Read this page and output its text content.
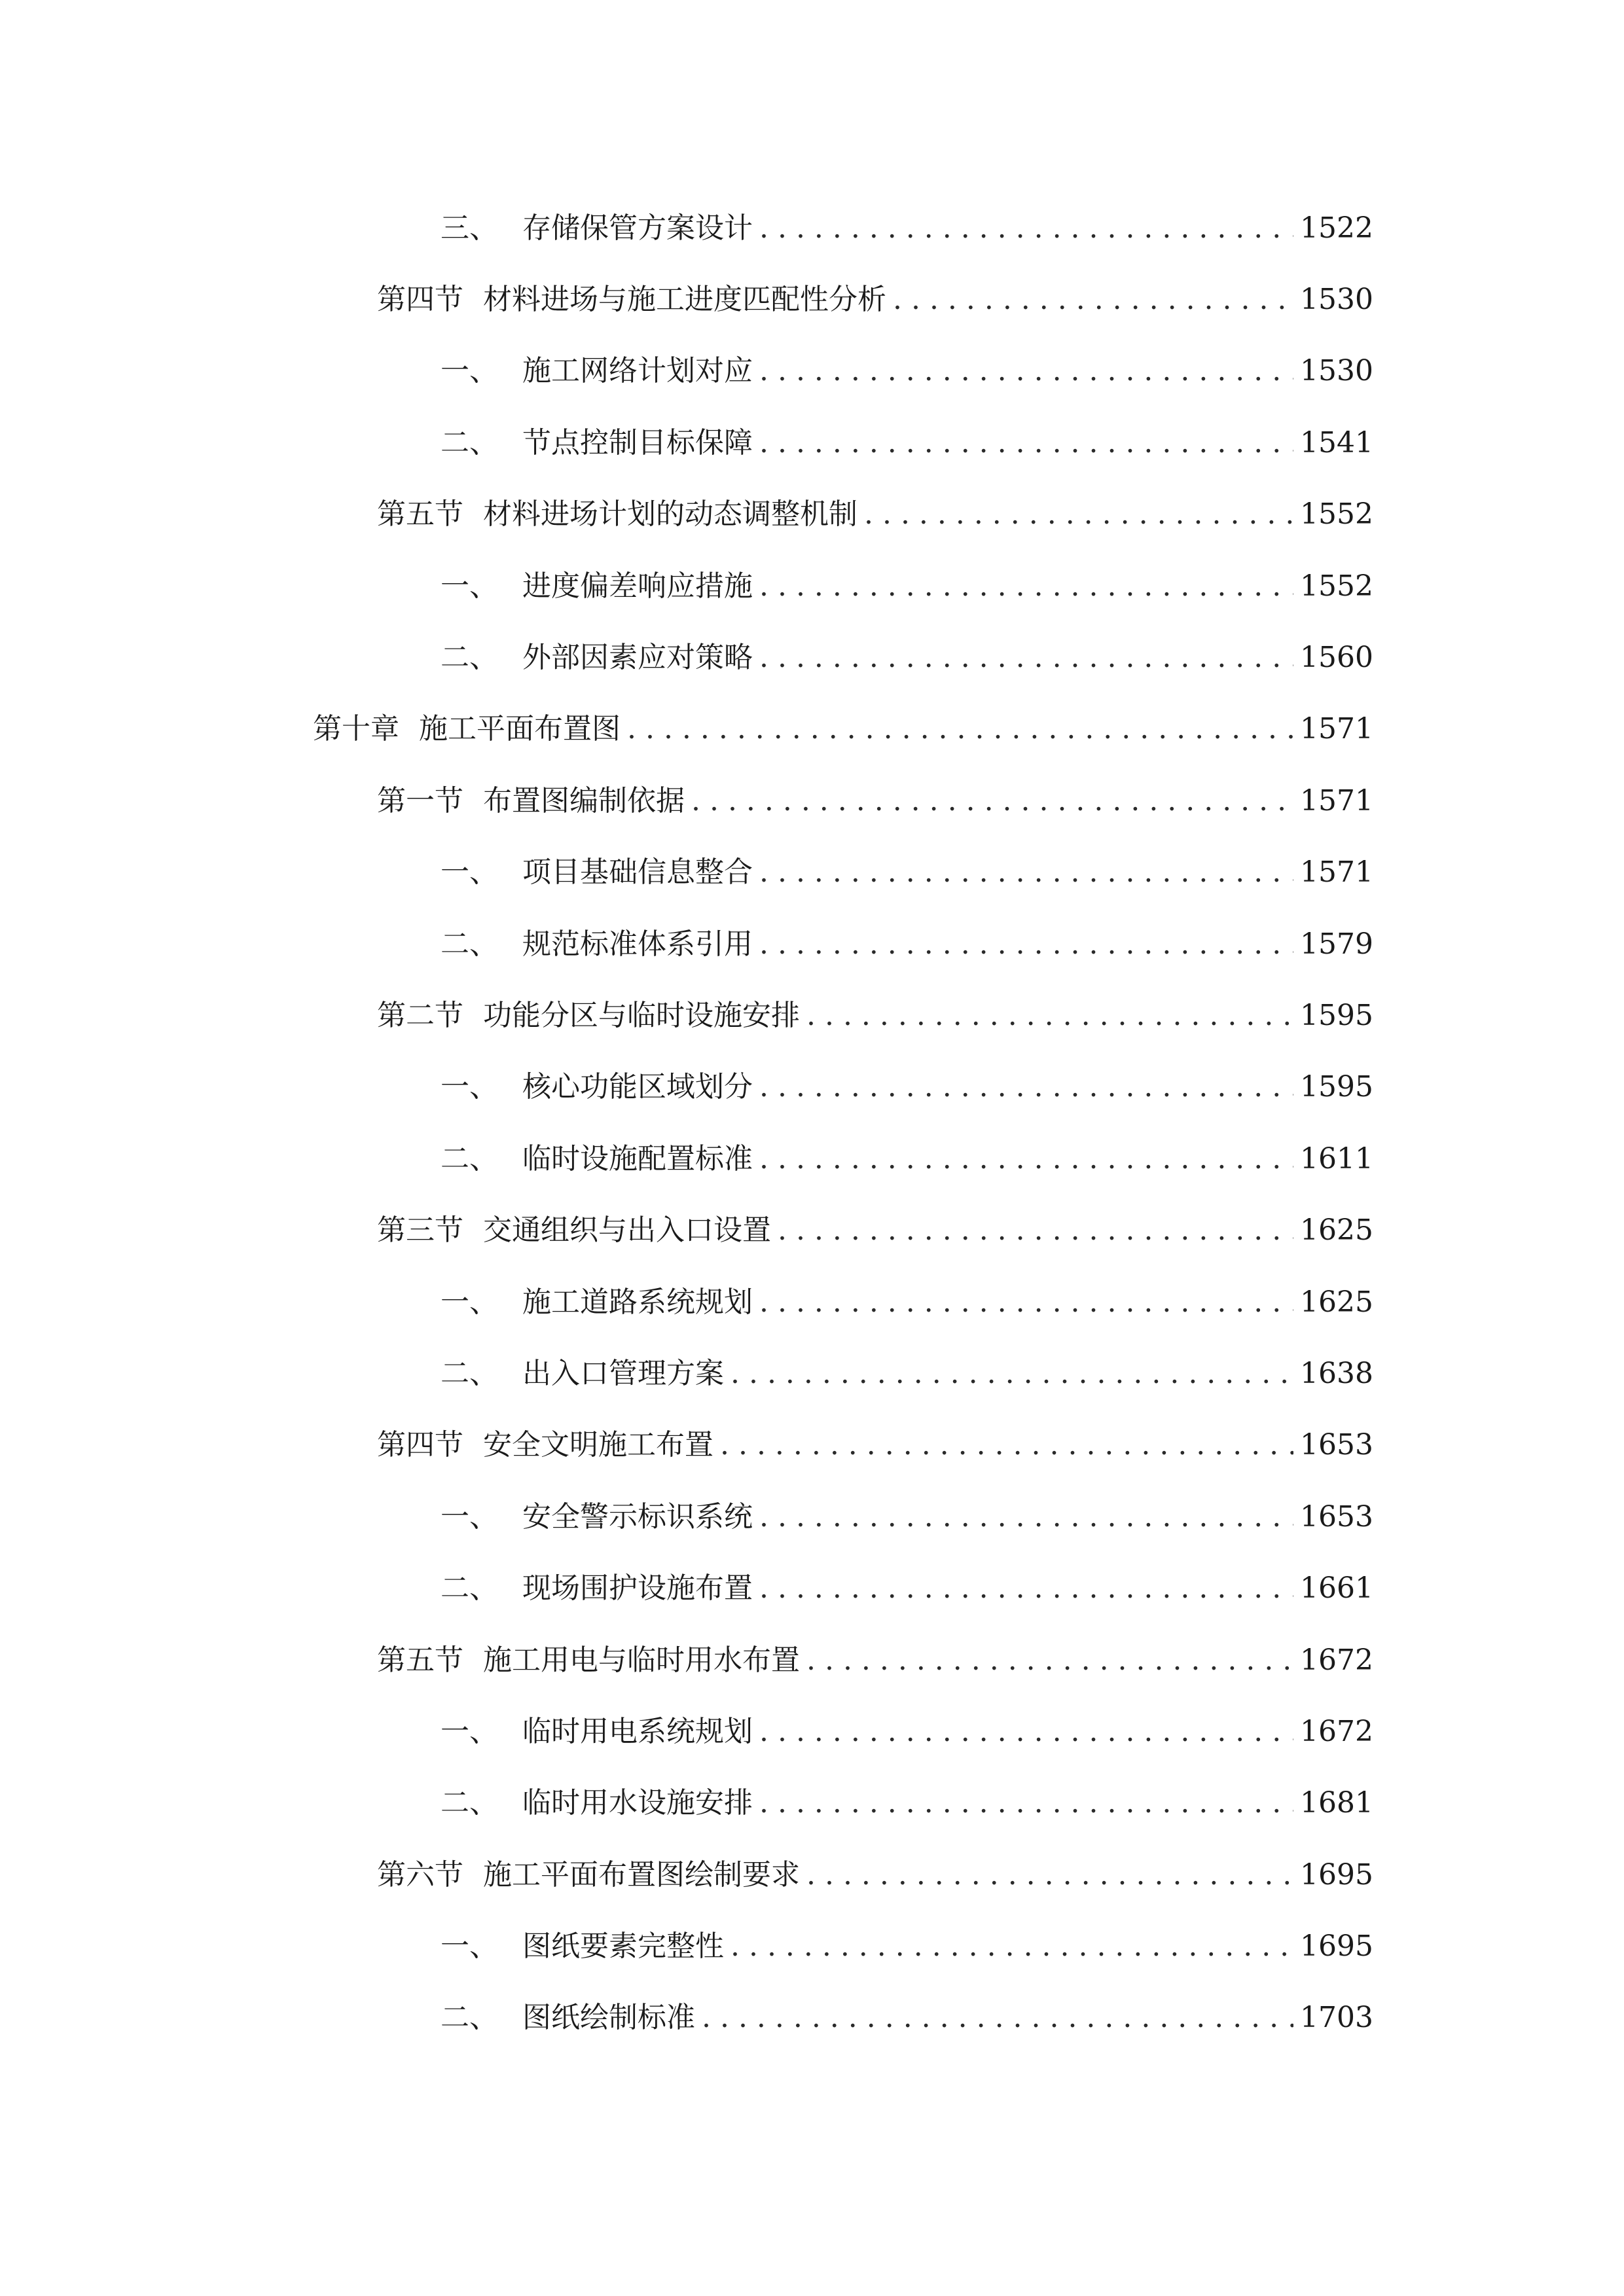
三、 存储保管方案设计 . . .	1522
第四节 材料进场与施工进度匹配性分析 . . .	1530
一、 施工网络计划对应 . . .	1530
二、 节点控制目标保障 . . .	1541
第五节 材料进场计划的动态调整机制 . . .	1552
一、 进度偏差响应措施 . . .	1552
二、 外部因素应对策略 . . .	1560
第十章 施工平面布置图 . . .	1571
第一节 布置图编制依据 . . .	1571
一、 项目基础信息整合 . . .	1571
二、 规范标准体系引用 . . .	1579
第二节 功能分区与临时设施安排 . . .	1595
一、 核心功能区域划分 . . .	1595
二、 临时设施配置标准 . . .	1611
第三节 交通组织与出入口设置 . . .	1625
一、 施工道路系统规划 . . .	1625
二、 出入口管理方案 . . .	1638
第四节 安全文明施工布置 . . .	1653
一、 安全警示标识系统 . . .	1653
二、 现场围护设施布置 . . .	1661
第五节 施工用电与临时用水布置 . . .	1672
一、 临时用电系统规划 . . .	1672
二、 临时用水设施安排 . . .	1681
第六节 施工平面布置图绘制要求 . . .	1695
一、 图纸要素完整性 . . .	1695
二、 图纸绘制标准 . . .	1703
